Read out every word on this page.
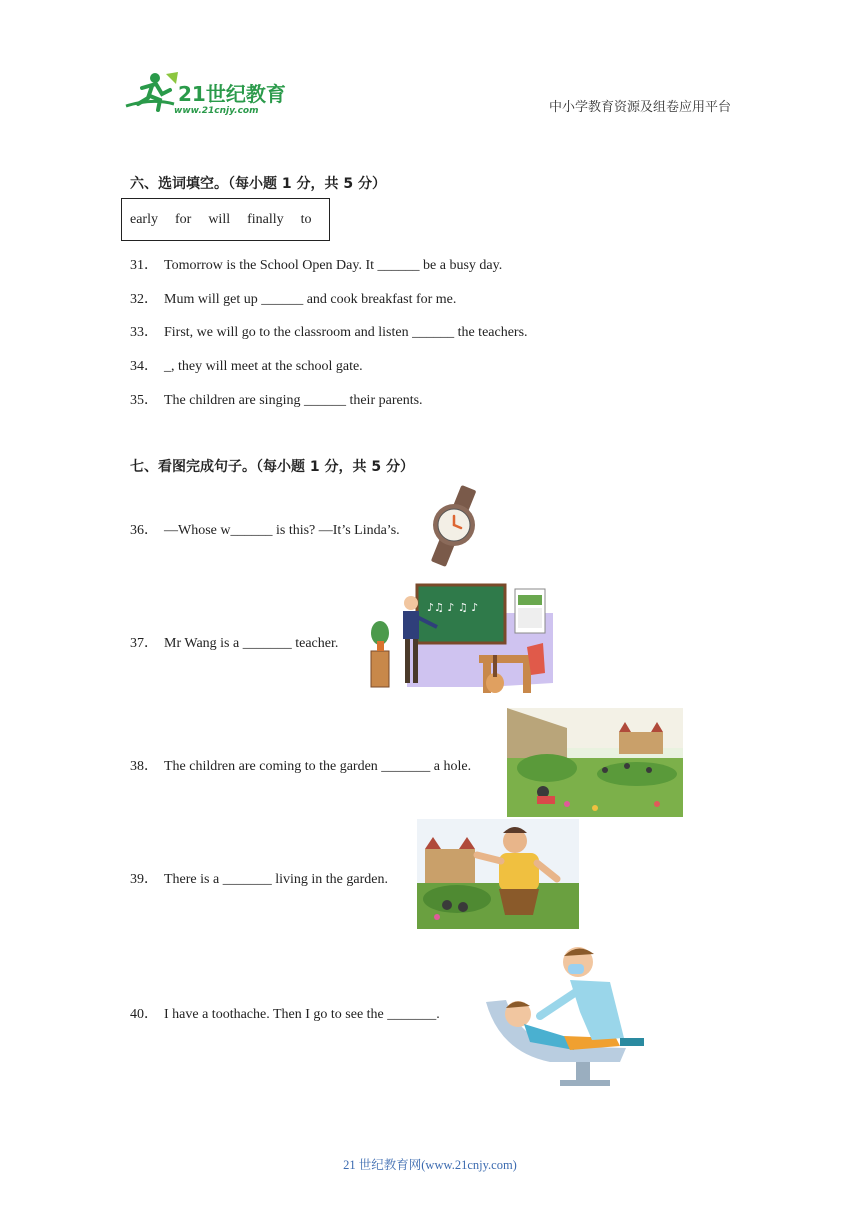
21世纪教育
www.21cnjy.com	中小学教育资源及组卷应用平台
六、选词填空。（每小题 1 分，共 5 分）
early for will finally to
31． Tomorrow is the School Open Day. It ______ be a busy day.
32． Mum will get up ______ and cook breakfast for me.
33． First, we will go to the classroom and listen ______ the teachers.
34． _, they will meet at the school gate.
35． The children are singing ______ their parents.
七、看图完成句子。（每小题 1 分，共 5 分）
36． —Whose w______ is this? —It’s Linda’s.
37． Mr Wang is a _______ teacher.
♪♫ ♪ ♫ ♪
38． The children are coming to the garden _______ a hole.
39． There is a _______ living in the garden.
40． I have a toothache. Then I go to see the _______.
21 世纪教育网(www.21cnjy.com)
